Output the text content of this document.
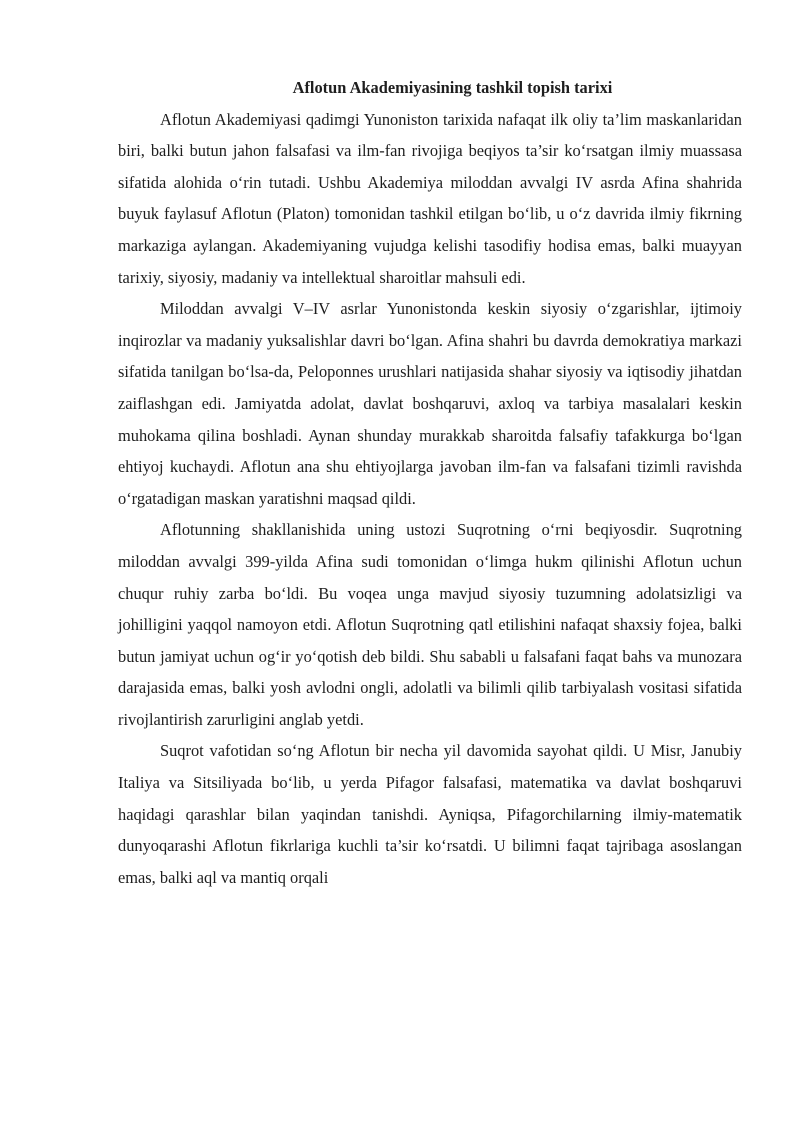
Aflotun Akademiyasining tashkil topish tarixi

Aflotun Akademiyasi qadimgi Yunoniston tarixida nafaqat ilk oliy ta’lim maskanlaridan biri, balki butun jahon falsafasi va ilm-fan rivojiga beqiyos ta’sir ko‘rsatgan ilmiy muassasa sifatida alohida o‘rin tutadi. Ushbu Akademiya miloddan avvalgi IV asrda Afina shahrida buyuk faylasuf Aflotun (Platon) tomonidan tashkil etilgan bo‘lib, u o‘z davrida ilmiy fikrning markaziga aylangan. Akademiyaning vujudga kelishi tasodifiy hodisa emas, balki muayyan tarixiy, siyosiy, madaniy va intellektual sharoitlar mahsuli edi.

Miloddan avvalgi V–IV asrlar Yunonistonda keskin siyosiy o‘zgarishlar, ijtimoiy inqirozlar va madaniy yuksalishlar davri bo‘lgan. Afina shahri bu davrda demokratiya markazi sifatida tanilgan bo‘lsa-da, Peloponnes urushlari natijasida shahar siyosiy va iqtisodiy jihatdan zaiflashgan edi. Jamiyatda adolat, davlat boshqaruvi, axloq va tarbiya masalalari keskin muhokama qilina boshladi. Aynan shunday murakkab sharoitda falsafiy tafakkurga bo‘lgan ehtiyoj kuchaydi. Aflotun ana shu ehtiyojlarga javoban ilm-fan va falsafani tizimli ravishda o‘rgatadigan maskan yaratishni maqsad qildi.

Aflotunning shakllanishida uning ustozi Suqrotning o‘rni beqiyosdir. Suqrotning miloddan avvalgi 399-yilda Afina sudi tomonidan o‘limga hukm qilinishi Aflotun uchun chuqur ruhiy zarba bo‘ldi. Bu voqea unga mavjud siyosiy tuzumning adolatsizligi va johilligini yaqqol namoyon etdi. Aflotun Suqrotning qatl etilishini nafaqat shaxsiy fojea, balki butun jamiyat uchun og‘ir yo‘qotish deb bildi. Shu sababli u falsafani faqat bahs va munozara darajasida emas, balki yosh avlodni ongli, adolatli va bilimli qilib tarbiyalash vositasi sifatida rivojlantirish zarurligini anglab yetdi.

Suqrot vafotidan so‘ng Aflotun bir necha yil davomida sayohat qildi. U Misr, Janubiy Italiya va Sitsiliyada bo‘lib, u yerda Pifagor falsafasi, matematika va davlat boshqaruvi haqidagi qarashlar bilan yaqindan tanishdi. Ayniqsa, Pifagorchilarning ilmiy-matematik dunyoqarashi Aflotun fikrlariga kuchli ta’sir ko‘rsatdi. U bilimni faqat tajribaga asoslangan emas, balki aql va mantiq orqali
